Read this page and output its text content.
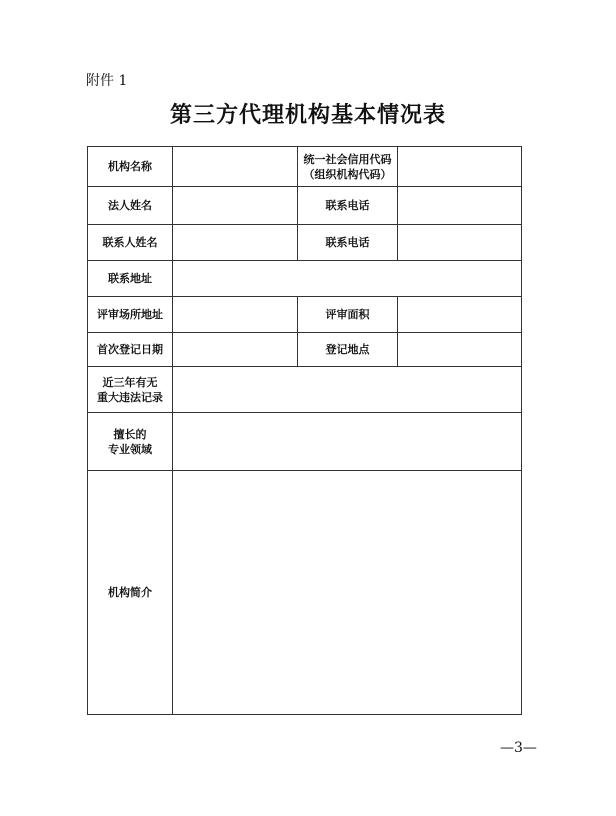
附件 1
第三方代理机构基本情况表
机构名称		统一社会信用代码
（组织机构代码）	

法人姓名		联系电话	
联系人姓名		联系电话	
联系地址			
评审场所地址		评审面积	
首次登记日期		登记地点	

近三年有无
重大违法记录			

擅长的
专业领域			

机构简介			
—3—
